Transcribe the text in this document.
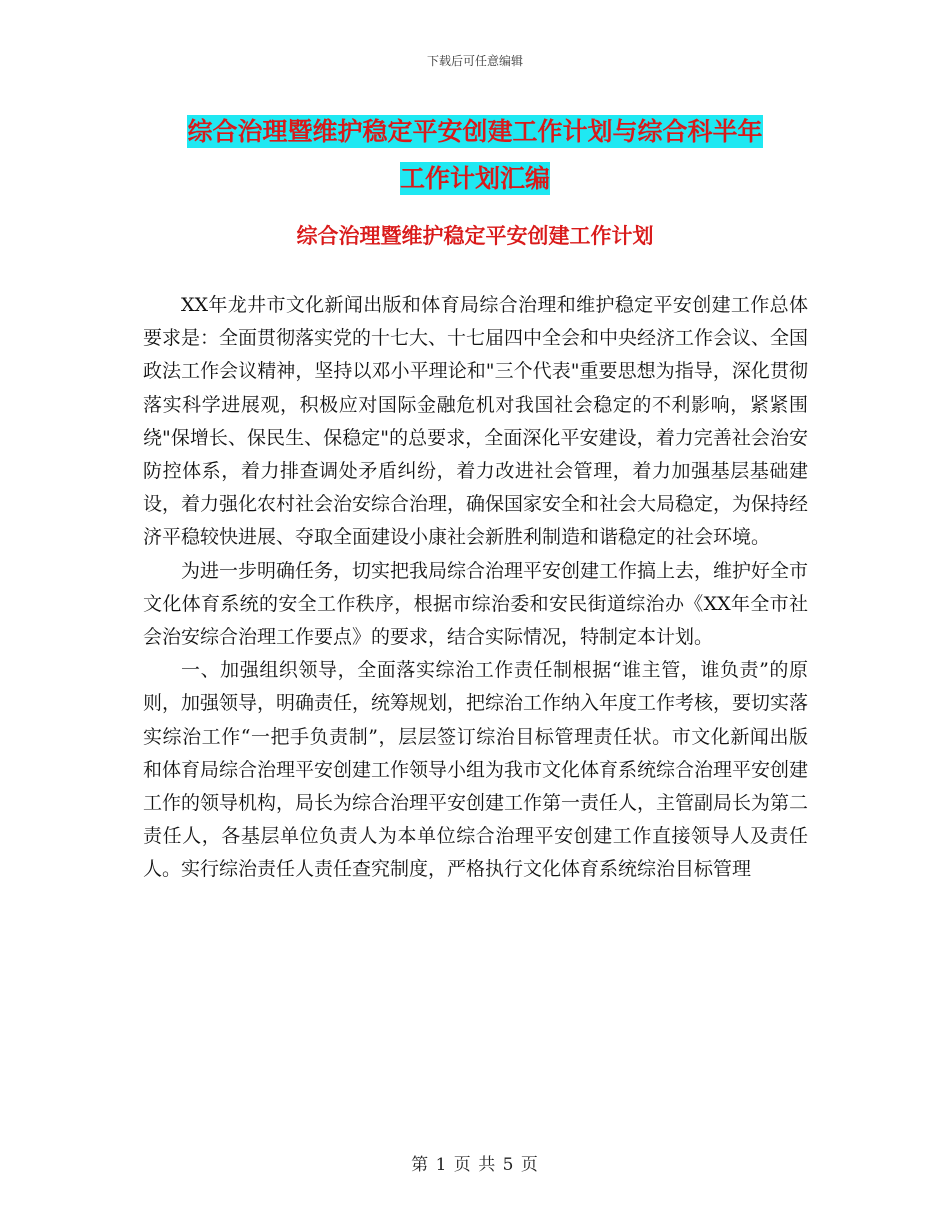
下载后可任意编辑
综合治理暨维护稳定平安创建工作计划与综合科半年
工作计划汇编
综合治理暨维护稳定平安创建工作计划

XX年龙井市文化新闻出版和体育局综合治理和维护稳定平安创建工作总体要求是：全面贯彻落实党的十七大、十七届四中全会和中央经济工作会议、全国政法工作会议精神，坚持以邓小平理论和"三个代表"重要思想为指导，深化贯彻落实科学进展观，积极应对国际金融危机对我国社会稳定的不利影响，紧紧围绕"保增长、保民生、保稳定"的总要求，全面深化平安建设，着力完善社会治安防控体系，着力排查调处矛盾纠纷，着力改进社会管理，着力加强基层基础建设，着力强化农村社会治安综合治理，确保国家安全和社会大局稳定，为保持经济平稳较快进展、夺取全面建设小康社会新胜利制造和谐稳定的社会环境。

为进一步明确任务，切实把我局综合治理平安创建工作搞上去，维护好全市文化体育系统的安全工作秩序，根据市综治委和安民街道综治办《XX年全市社会治安综合治理工作要点》的要求，结合实际情况，特制定本计划。

一、加强组织领导，全面落实综治工作责任制根据“谁主管，谁负责”的原则，加强领导，明确责任，统筹规划，把综治工作纳入年度工作考核，要切实落实综治工作“一把手负责制”，层层签订综治目标管理责任状。市文化新闻出版和体育局综合治理平安创建工作领导小组为我市文化体育系统综合治理平安创建工作的领导机构，局长为综合治理平安创建工作第一责任人，主管副局长为第二责任人，各基层单位负责人为本单位综合治理平安创建工作直接领导人及责任人。实行综治责任人责任查究制度，严格执行文化体育系统综治目标管理

第 1 页 共 5 页
